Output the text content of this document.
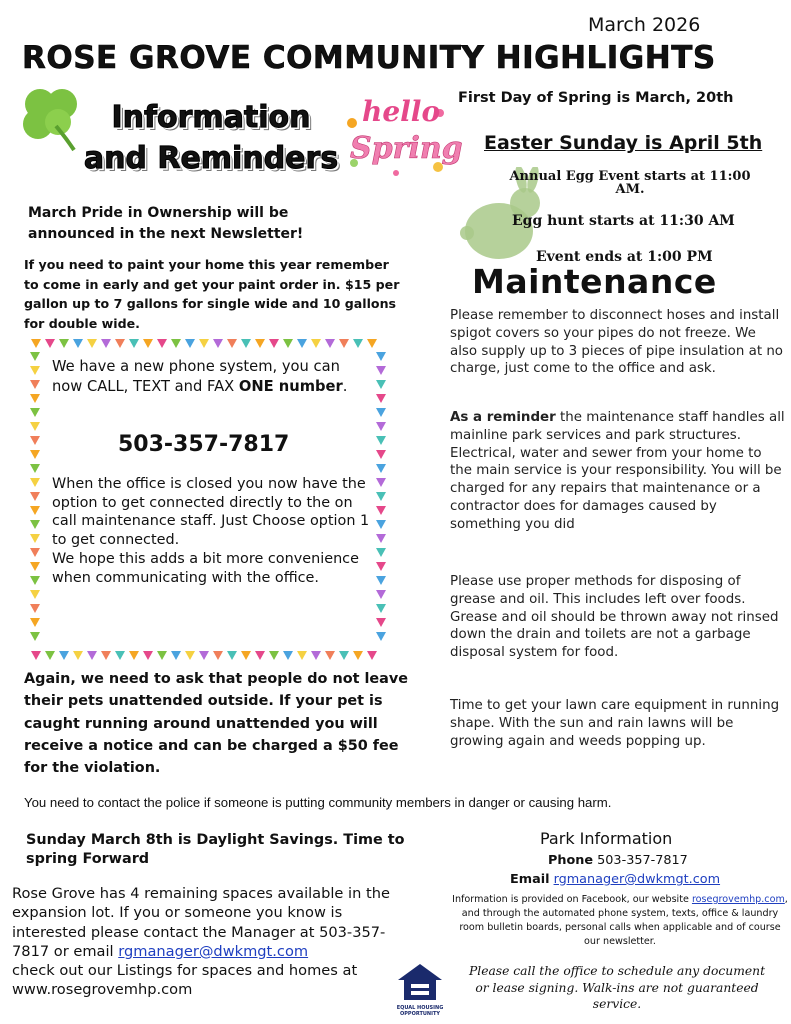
March 2026
ROSE GROVE COMMUNITY HIGHLIGHTS
Information
and Reminders
hello
Spring
First Day of Spring is March, 20th
Easter Sunday is April 5th
Annual Egg Event starts at 11:00 AM.
Egg hunt starts at 11:30 AM
Event ends at 1:00 PM
Maintenance
March Pride in Ownership will be announced in the next Newsletter!
If you need to paint your home this year remember to come in early and get your paint order in. $15 per gallon up to 7 gallons for single wide and 10 gallons for double wide.
We have a new phone system, you can now CALL, TEXT and FAX ONE number.
503-357-7817
When the office is closed you now have the option to get connected directly to the on call maintenance staff. Just Choose option 1 to get connected.
We hope this adds a bit more convenience when communicating with the office.
Again, we need to ask that people do not leave their pets unattended outside. If your pet is caught running around unattended you will receive a notice and can be charged a $50 fee for the violation.
Please remember to disconnect hoses and install spigot covers so your pipes do not freeze. We also supply up to 3 pieces of pipe insulation at no charge, just come to the office and ask.
As a reminder the maintenance staff handles all mainline park services and park structures. Electrical, water and sewer from your home to the main service is your responsibility. You will be charged for any repairs that maintenance or a contractor does for damages caused by something you did
Please use proper methods for disposing of grease and oil. This includes left over foods. Grease and oil should be thrown away not rinsed down the drain and toilets are not a garbage disposal system for food.
Time to get your lawn care equipment in running shape. With the sun and rain lawns will be growing again and weeds popping up.
You need to contact the police if someone is putting community members in danger or causing harm.
Sunday March 8th is Daylight Savings. Time to spring Forward
Rose Grove has 4 remaining spaces available in the expansion lot. If you or someone you know is interested please contact the Manager at 503-357-7817 or email rgmanager@dwkmgt.com
check out our Listings for spaces and homes at www.rosegrovemhp.com
EQUAL HOUSING
OPPORTUNITY
Park Information
Phone 503-357-7817
Email rgmanager@dwkmgt.com
Information is provided on Facebook, our website rosegrovemhp.com, and through the automated phone system, texts, office & laundry room bulletin boards, personal calls when applicable and of course our newsletter.
Please call the office to schedule any document or lease signing. Walk-ins are not guaranteed service.
